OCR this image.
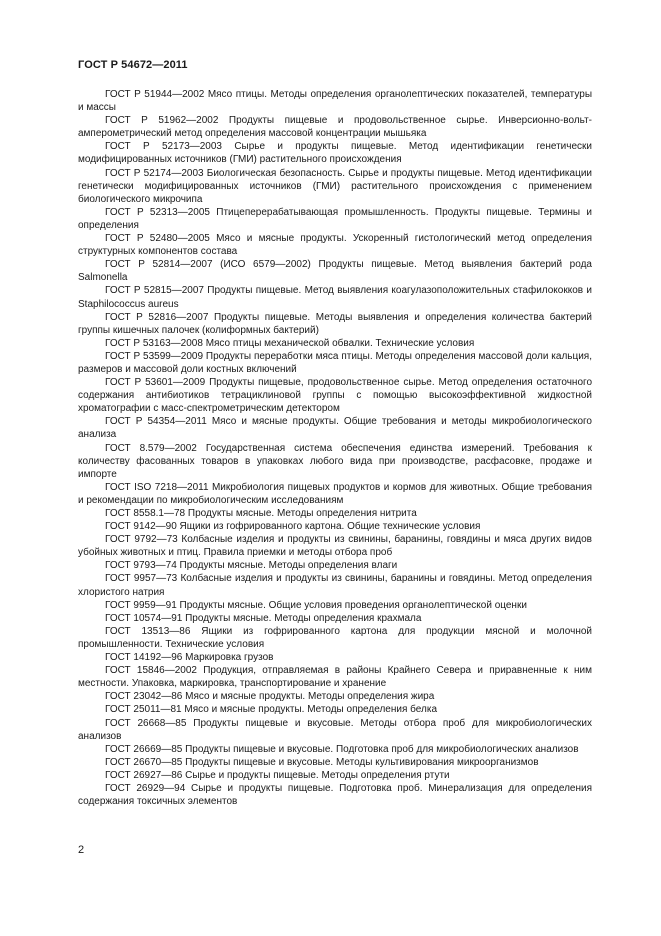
ГОСТ Р 54672—2011

ГОСТ Р 51944—2002 Мясо птицы. Методы определения органолептических показателей, температуры и массы

ГОСТ Р 51962—2002 Продукты пищевые и продовольственное сырье. Инверсионно-вольт-амперометрический метод определения массовой концентрации мышьяка

ГОСТ Р 52173—2003 Сырье и продукты пищевые. Метод идентификации генетически модифицированных источников (ГМИ) растительного происхождения

ГОСТ Р 52174—2003 Биологическая безопасность. Сырье и продукты пищевые. Метод идентификации генетически модифицированных источников (ГМИ) растительного происхождения с применением биологического микрочипа

ГОСТ Р 52313—2005 Птицеперерабатывающая промышленность. Продукты пищевые. Термины и определения

ГОСТ Р 52480—2005 Мясо и мясные продукты. Ускоренный гистологический метод определения структурных компонентов состава

ГОСТ Р 52814—2007 (ИСО 6579—2002) Продукты пищевые. Метод выявления бактерий рода Salmonella

ГОСТ Р 52815—2007 Продукты пищевые. Метод выявления коагулазоположительных стафилококков и Staphilococcus aureus

ГОСТ Р 52816—2007 Продукты пищевые. Методы выявления и определения количества бактерий группы кишечных палочек (колиформных бактерий)

ГОСТ Р 53163—2008 Мясо птицы механической обвалки. Технические условия

ГОСТ Р 53599—2009 Продукты переработки мяса птицы. Методы определения массовой доли кальция, размеров и массовой доли костных включений

ГОСТ Р 53601—2009 Продукты пищевые, продовольственное сырье. Метод определения остаточного содержания антибиотиков тетрациклиновой группы с помощью высокоэффективной жидкостной хроматографии с масс-спектрометрическим детектором

ГОСТ Р 54354—2011 Мясо и мясные продукты. Общие требования и методы микробиологического анализа

ГОСТ 8.579—2002 Государственная система обеспечения единства измерений. Требования к количеству фасованных товаров в упаковках любого вида при производстве, расфасовке, продаже и импорте

ГОСТ ISO 7218—2011 Микробиология пищевых продуктов и кормов для животных. Общие требования и рекомендации по микробиологическим исследованиям

ГОСТ 8558.1—78 Продукты мясные. Методы определения нитрита

ГОСТ 9142—90 Ящики из гофрированного картона. Общие технические условия

ГОСТ 9792—73 Колбасные изделия и продукты из свинины, баранины, говядины и мяса других видов убойных животных и птиц. Правила приемки и методы отбора проб

ГОСТ 9793—74 Продукты мясные. Методы определения влаги

ГОСТ 9957—73 Колбасные изделия и продукты из свинины, баранины и говядины. Метод определения хлористого натрия

ГОСТ 9959—91 Продукты мясные. Общие условия проведения органолептической оценки

ГОСТ 10574—91 Продукты мясные. Методы определения крахмала

ГОСТ 13513—86 Ящики из гофрированного картона для продукции мясной и молочной промышленности. Технические условия

ГОСТ 14192—96 Маркировка грузов

ГОСТ 15846—2002 Продукция, отправляемая в районы Крайнего Севера и приравненные к ним местности. Упаковка, маркировка, транспортирование и хранение

ГОСТ 23042—86 Мясо и мясные продукты. Методы определения жира

ГОСТ 25011—81 Мясо и мясные продукты. Методы определения белка

ГОСТ 26668—85 Продукты пищевые и вкусовые. Методы отбора проб для микробиологических анализов

ГОСТ 26669—85 Продукты пищевые и вкусовые. Подготовка проб для микробиологических анализов

ГОСТ 26670—85 Продукты пищевые и вкусовые. Методы культивирования микроорганизмов

ГОСТ 26927—86 Сырье и продукты пищевые. Методы определения ртути

ГОСТ 26929—94 Сырье и продукты пищевые. Подготовка проб. Минерализация для определения содержания токсичных элементов

2
